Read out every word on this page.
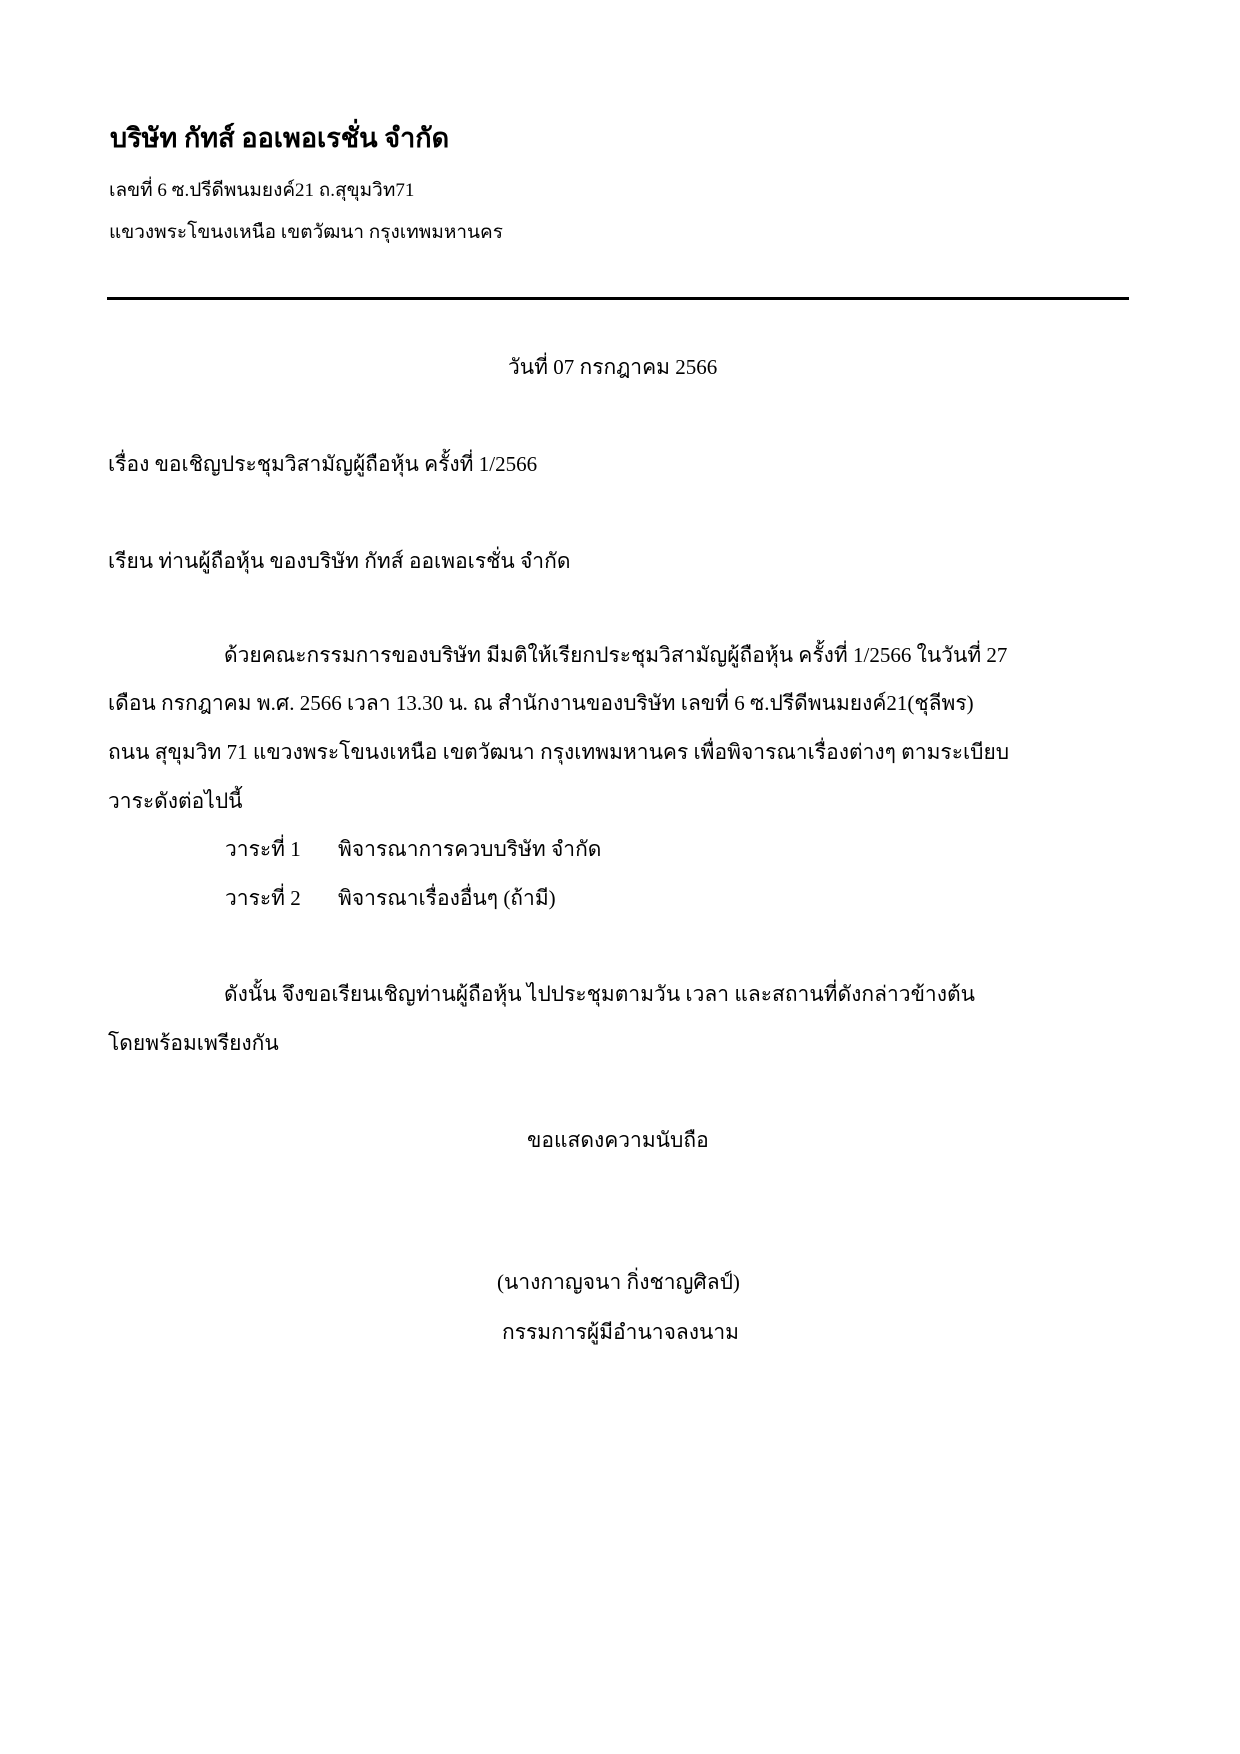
บริษัท กัทส์ ออเพอเรชั่น จำกัด
เลขที่ 6 ซ.ปรีดีพนมยงค์21 ถ.สุขุมวิท71
แขวงพระโขนงเหนือ เขตวัฒนา กรุงเทพมหานคร
วันที่ 07 กรกฎาคม 2566
เรื่อง ขอเชิญประชุมวิสามัญผู้ถือหุ้น ครั้งที่ 1/2566
เรียน ท่านผู้ถือหุ้น ของบริษัท กัทส์ ออเพอเรชั่น จำกัด
ด้วยคณะกรรมการของบริษัท มีมติให้เรียกประชุมวิสามัญผู้ถือหุ้น ครั้งที่ 1/2566 ในวันที่ 27
เดือน กรกฎาคม พ.ศ. 2566 เวลา 13.30 น. ณ สำนักงานของบริษัท เลขที่ 6 ซ.ปรีดีพนมยงค์21(ชุลีพร)
ถนน สุขุมวิท 71 แขวงพระโขนงเหนือ เขตวัฒนา กรุงเทพมหานคร เพื่อพิจารณาเรื่องต่างๆ ตามระเบียบ
วาระดังต่อไปนี้
วาระที่ 1 พิจารณาการควบบริษัท จำกัด
วาระที่ 2 พิจารณาเรื่องอื่นๆ (ถ้ามี)
ดังนั้น จึงขอเรียนเชิญท่านผู้ถือหุ้น ไปประชุมตามวัน เวลา และสถานที่ดังกล่าวข้างต้น
โดยพร้อมเพรียงกัน
ขอแสดงความนับถือ
(นางกาญจนา กิ่งชาญศิลป์)
กรรมการผู้มีอำนาจลงนาม
